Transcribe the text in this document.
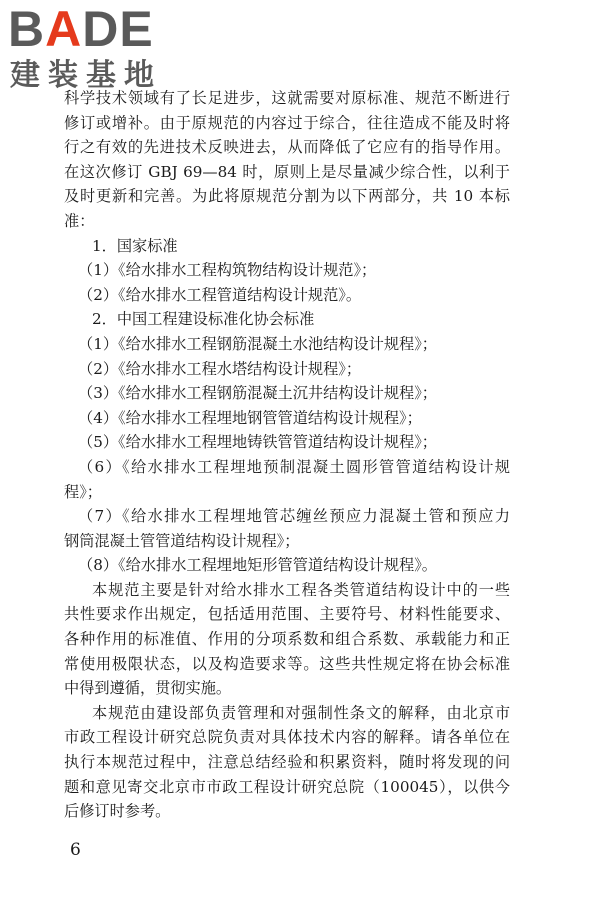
BADE
建装基地
科学技术领域有了长足进步，这就需要对原标准、规范不断进行
修订或增补。由于原规范的内容过于综合，往往造成不能及时将
行之有效的先进技术反映进去，从而降低了它应有的指导作用。
在这次修订 GBJ 69—84 时，原则上是尽量减少综合性，以利于
及时更新和完善。为此将原规范分割为以下两部分，共 10 本标
准：
1．国家标准
（1）《给水排水工程构筑物结构设计规范》；
（2）《给水排水工程管道结构设计规范》。
2．中国工程建设标准化协会标准
（1）《给水排水工程钢筋混凝土水池结构设计规程》；
（2）《给水排水工程水塔结构设计规程》；
（3）《给水排水工程钢筋混凝土沉井结构设计规程》；
（4）《给水排水工程埋地钢管管道结构设计规程》；
（5）《给水排水工程埋地铸铁管管道结构设计规程》；
（6）《给水排水工程埋地预制混凝土圆形管管道结构设计规
程》；
（7）《给水排水工程埋地管芯缠丝预应力混凝土管和预应力
钢筒混凝土管管道结构设计规程》；
（8）《给水排水工程埋地矩形管管道结构设计规程》。
本规范主要是针对给水排水工程各类管道结构设计中的一些
共性要求作出规定，包括适用范围、主要符号、材料性能要求、
各种作用的标准值、作用的分项系数和组合系数、承载能力和正
常使用极限状态，以及构造要求等。这些共性规定将在协会标准
中得到遵循，贯彻实施。
本规范由建设部负责管理和对强制性条文的解释，由北京市
市政工程设计研究总院负责对具体技术内容的解释。请各单位在
执行本规范过程中，注意总结经验和积累资料，随时将发现的问
题和意见寄交北京市市政工程设计研究总院（100045），以供今
后修订时参考。
6
